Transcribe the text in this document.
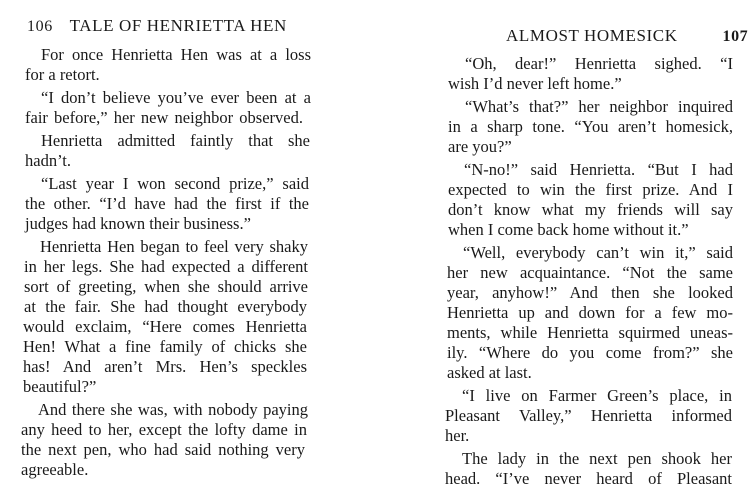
106 TALE OF HENRIETTA HEN
For once Henrietta Hen was at a loss
for a retort.
“I don’t believe you’ve ever been at a
fair before,” her new neighbor observed.
Henrietta admitted faintly that she
hadn’t.
“Last year I won second prize,” said
the other. “I’d have had the first if the
judges had known their business.”
Henrietta Hen began to feel very shaky
in her legs. She had expected a different
sort of greeting, when she should arrive
at the fair. She had thought everybody
would exclaim, “Here comes Henrietta
Hen! What a fine family of chicks she
has! And aren’t Mrs. Hen’s speckles
beautiful?”
And there she was, with nobody paying
any heed to her, except the lofty dame in
the next pen, who had said nothing very
agreeable.
ALMOST HOMESICK	107
“Oh, dear!” Henrietta sighed. “I
wish I’d never left home.”
“What’s that?” her neighbor inquired
in a sharp tone. “You aren’t homesick,
are you?”
“N-no!” said Henrietta. “But I had
expected to win the first prize. And I
don’t know what my friends will say
when I come back home without it.”
“Well, everybody can’t win it,” said
her new acquaintance. “Not the same
year, anyhow!” And then she looked
Henrietta up and down for a few mo-
ments, while Henrietta squirmed uneas-
ily. “Where do you come from?” she
asked at last.
“I live on Farmer Green’s place, in
Pleasant Valley,” Henrietta informed
her.
The lady in the next pen shook her
head. “I’ve never heard of Pleasant
